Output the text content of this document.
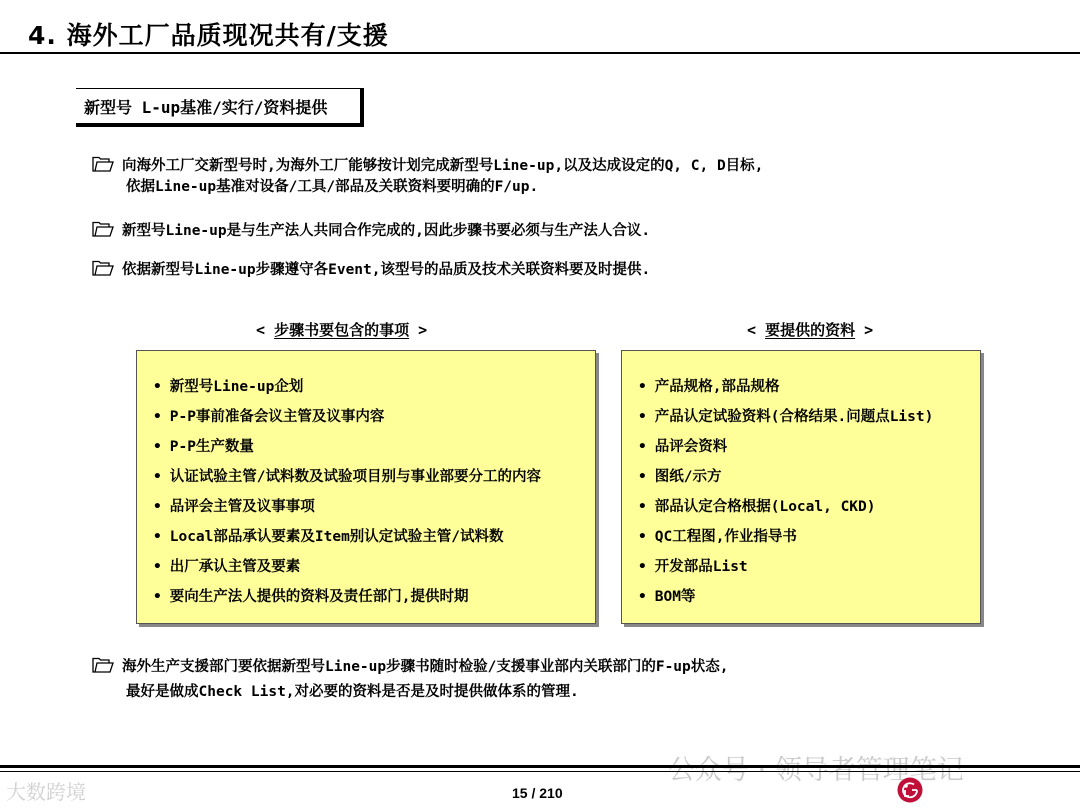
4. 海外工厂品质现况共有/支援
新型号 L-up基准/实行/资料提供
向海外工厂交新型号时,为海外工厂能够按计划完成新型号Line-up,以及达成设定的Q, C, D目标,
依据Line-up基准对设备/工具/部品及关联资料要明确的F/up.
新型号Line-up是与生产法人共同合作完成的,因此步骤书要必须与生产法人合议.
依据新型号Line-up步骤遵守各Event,该型号的品质及技术关联资料要及时提供.
< 步骤书要包含的事项 >	< 要提供的资料 >
• 新型号Line-up企划
• P-P事前准备会议主管及议事内容
• P-P生产数量
• 认证试验主管/试料数及试验项目别与事业部要分工的内容
• 品评会主管及议事事项
• Local部品承认要素及Item别认定试验主管/试料数
• 出厂承认主管及要素
• 要向生产法人提供的资料及责任部门,提供时期
• 产品规格,部品规格
• 产品认定试验资料(合格结果.问题点List)
• 品评会资料
• 图纸/示方
• 部品认定合格根据(Local, CKD)
• QC工程图,作业指导书
• 开发部品List
• BOM等
海外生产支援部门要依据新型号Line-up步骤书随时检验/支援事业部内关联部门的F-up状态,
最好是做成Check List,对必要的资料是否是及时提供做体系的管理.
大数跨境	15 / 210
